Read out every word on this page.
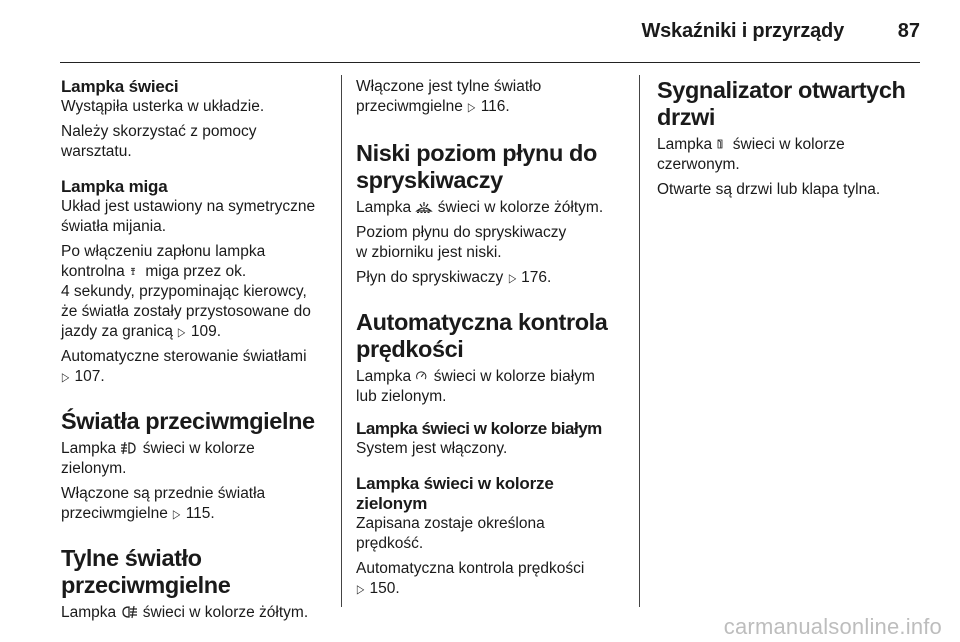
Wskaźniki i przyrządy	87

Lampka świeci

Wystąpiła usterka w układzie.

Należy skorzystać z pomocy

warsztatu.

Lampka miga

Układ jest ustawiony na symetryczne

światła mijania.

Po włączeniu zapłonu lampka

kontrolna miga przez ok.

4 sekundy, przypominając kierowcy,

że światła zostały przystosowane do

jazdy za granicą ▷ 109.

Automatyczne sterowanie światłami

▷ 107.

Światła przeciwmgielne

Lampka świeci w kolorze

zielonym.

Włączone są przednie światła

przeciwmgielne ▷ 115.

Tylne światło

przeciwmgielne

Lampka świeci w kolorze żółtym.

Włączone jest tylne światło

przeciwmgielne ▷ 116.

Niski poziom płynu do

spryskiwaczy

Lampka świeci w kolorze żółtym.

Poziom płynu do spryskiwaczy

w zbiorniku jest niski.

Płyn do spryskiwaczy ▷ 176.

Automatyczna kontrola

prędkości

Lampka świeci w kolorze białym

lub zielonym.

Lampka świeci w kolorze białym

System jest włączony.

Lampka świeci w kolorze

zielonym

Zapisana zostaje określona

prędkość.

Automatyczna kontrola prędkości

▷ 150.

Sygnalizator otwartych

drzwi

Lampka świeci w kolorze

czerwonym.

Otwarte są drzwi lub klapa tylna.

carmanualsonline.info
